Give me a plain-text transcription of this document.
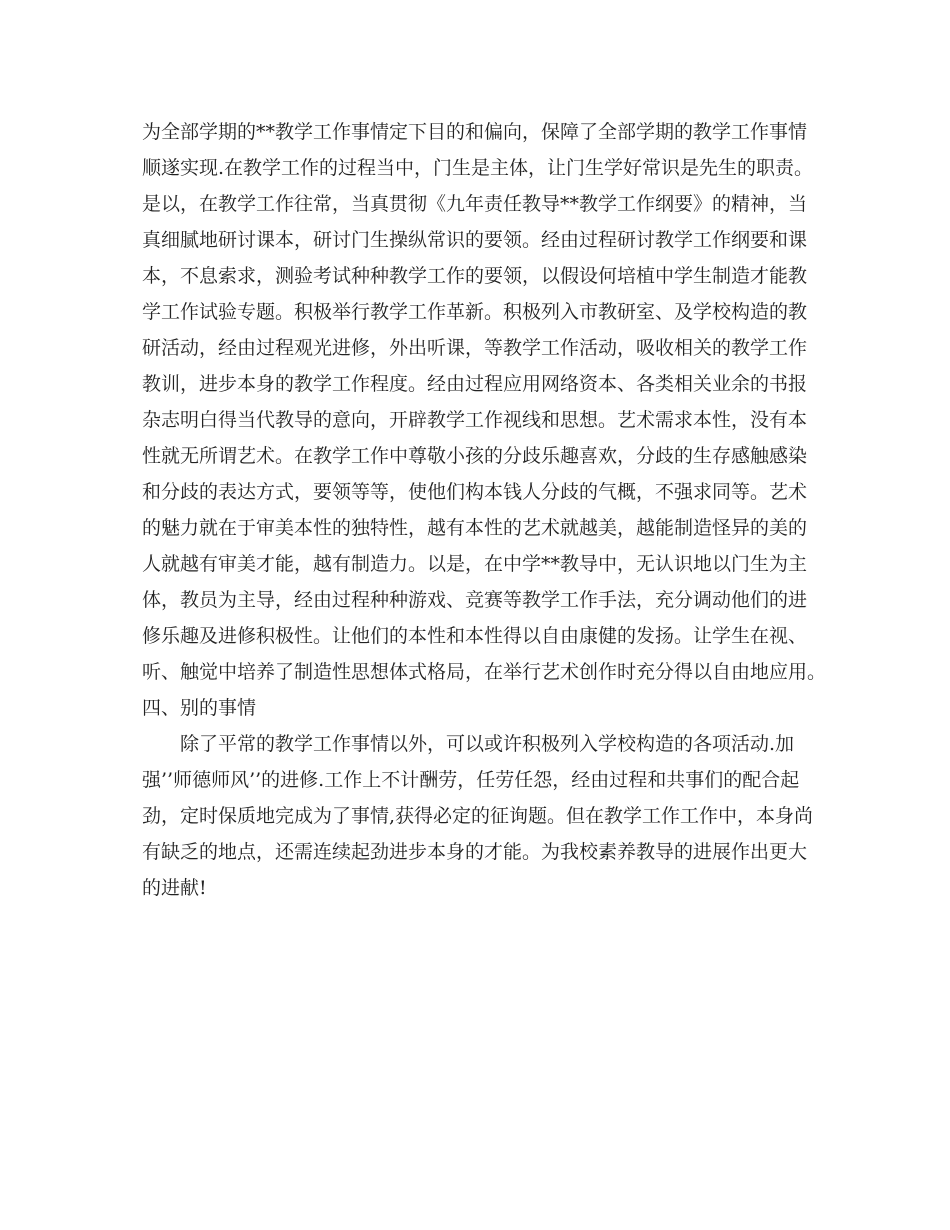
为全部学期的**教学工作事情定下目的和偏向，保障了全部学期的教学工作事情
顺遂实现.在教学工作的过程当中，门生是主体，让门生学好常识是先生的职责。
是以，在教学工作往常，当真贯彻《九年责任教导**教学工作纲要》的精神，当
真细腻地研讨课本，研讨门生操纵常识的要领。经由过程研讨教学工作纲要和课
本，不息索求，测验考试种种教学工作的要领，以假设何培植中学生制造才能教
学工作试验专题。积极举行教学工作革新。积极列入市教研室、及学校构造的教
研活动，经由过程观光进修，外出听课，等教学工作活动，吸收相关的教学工作
教训，进步本身的教学工作程度。经由过程应用网络资本、各类相关业余的书报
杂志明白得当代教导的意向，开辟教学工作视线和思想。艺术需求本性，没有本
性就无所谓艺术。在教学工作中尊敬小孩的分歧乐趣喜欢，分歧的生存感触感染
和分歧的表达方式，要领等等，使他们构本钱人分歧的气概，不强求同等。艺术
的魅力就在于审美本性的独特性，越有本性的艺术就越美，越能制造怪异的美的
人就越有审美才能，越有制造力。以是，在中学**教导中，无认识地以门生为主
体，教员为主导，经由过程种种游戏、竞赛等教学工作手法，充分调动他们的进
修乐趣及进修积极性。让他们的本性和本性得以自由康健的发扬。让学生在视、
听、触觉中培养了制造性思想体式格局，在举行艺术创作时充分得以自由地应用。
四、别的事情
　　除了平常的教学工作事情以外，可以或许积极列入学校构造的各项活动.加
强’’师德师风’’的进修.工作上不计酬劳，任劳任怨，经由过程和共事们的配合起
劲，定时保质地完成为了事情,获得必定的征询题。但在教学工作工作中，本身尚
有缺乏的地点，还需连续起劲进步本身的才能。为我校素养教导的进展作出更大
的进献!
